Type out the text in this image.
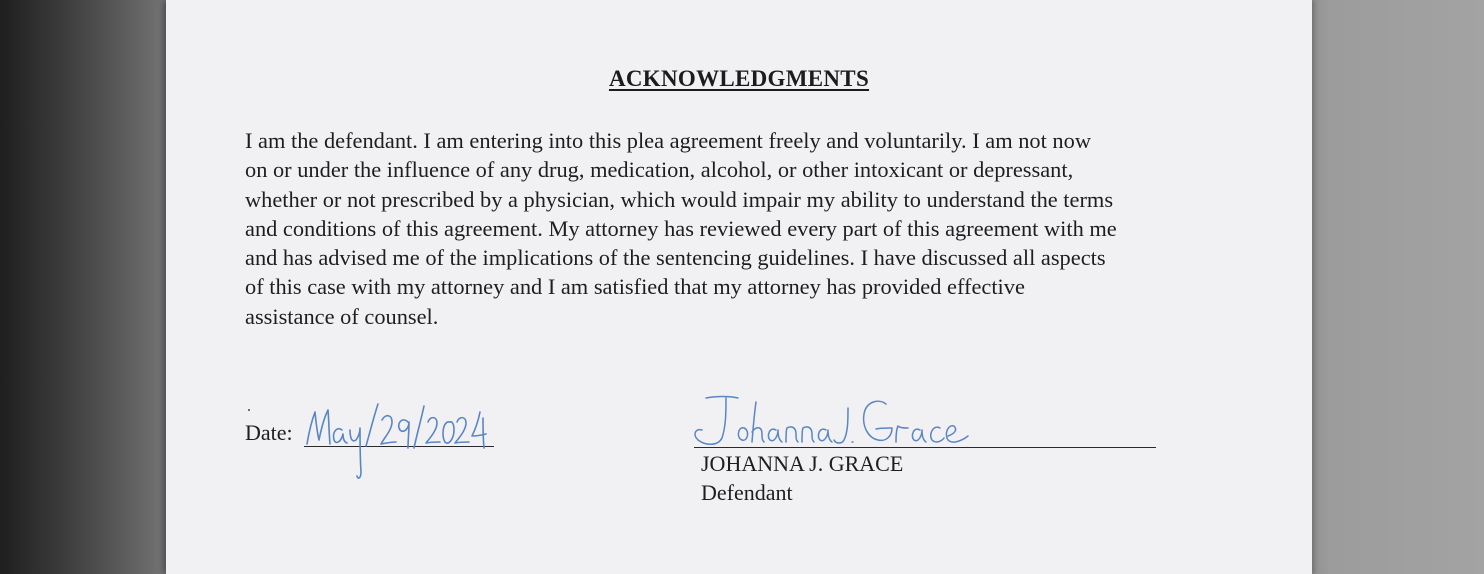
ACKNOWLEDGMENTS
I am the defendant. I am entering into this plea agreement freely and voluntarily. I am not now
on or under the influence of any drug, medication, alcohol, or other intoxicant or depressant,
whether or not prescribed by a physician, which would impair my ability to understand the terms
and conditions of this agreement. My attorney has reviewed every part of this agreement with me
and has advised me of the implications of the sentencing guidelines. I have discussed all aspects
of this case with my attorney and I am satisfied that my attorney has provided effective
assistance of counsel.
Date:
JOHANNA J. GRACE
Defendant
